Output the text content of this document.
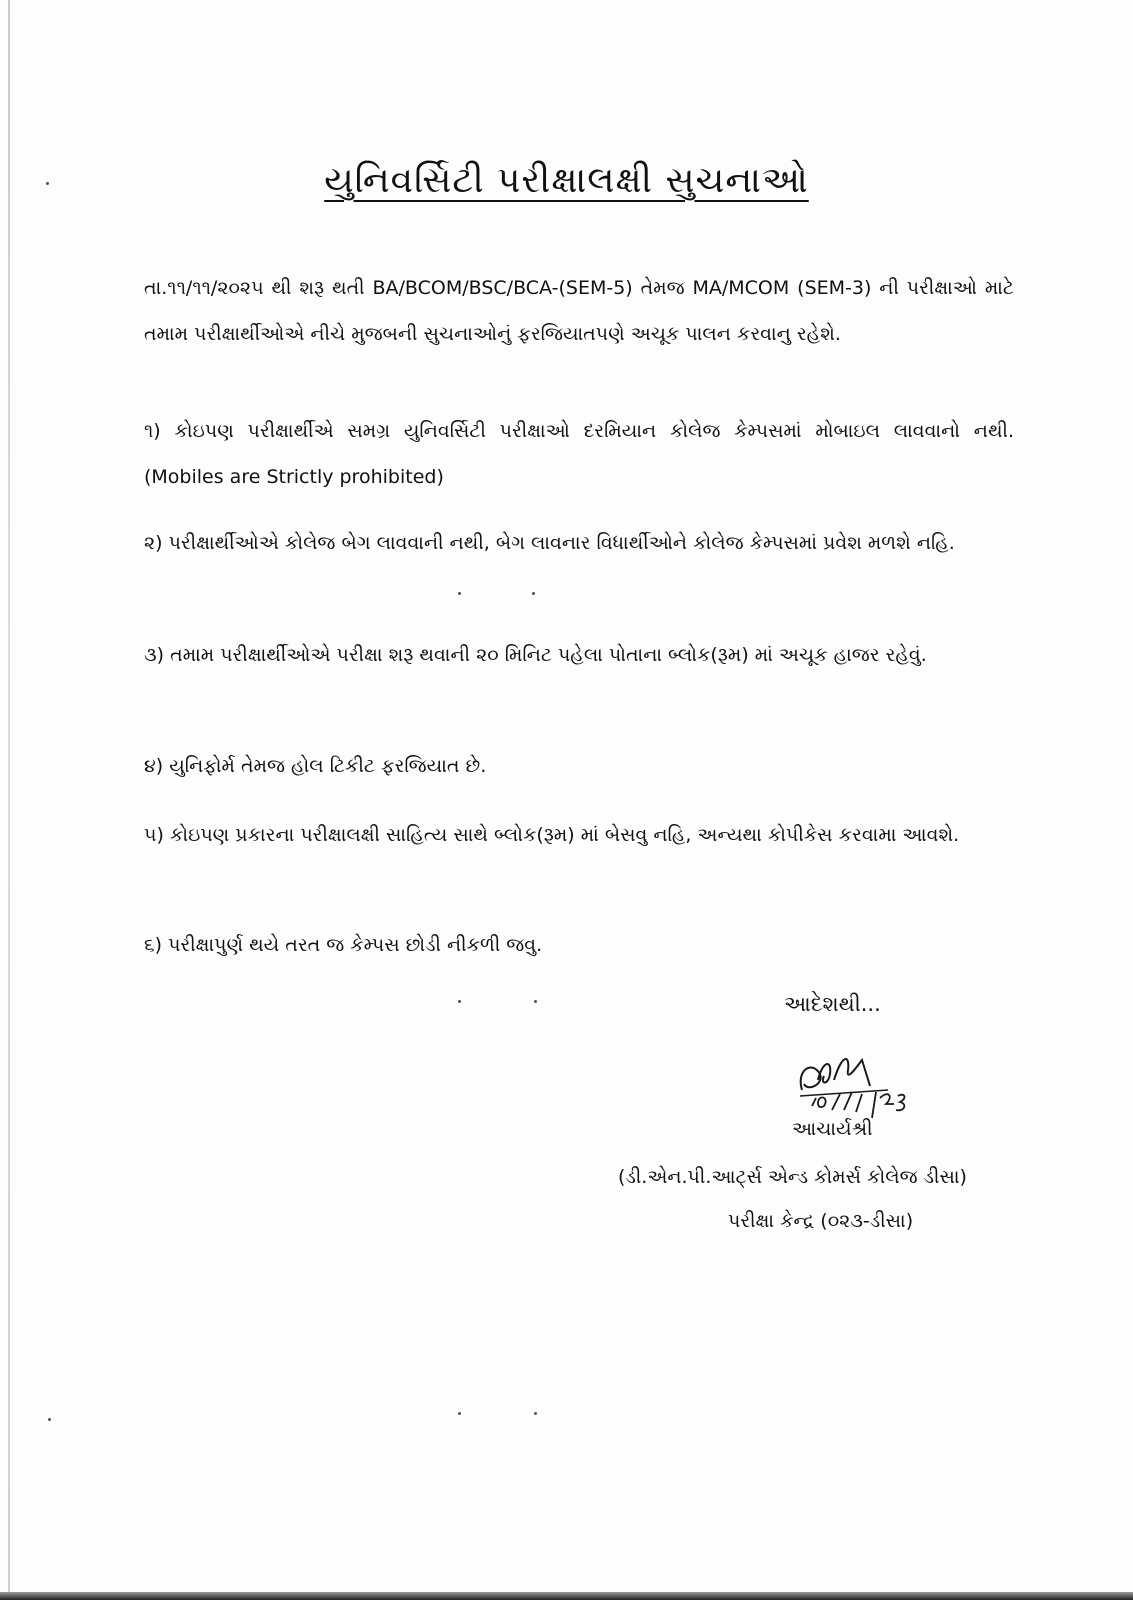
યુનિવર્સિટી પરીક્ષાલક્ષી સુચનાઓ

તા.૧૧/૧૧/૨૦૨૫ થી શરૂ થતી BA/BCOM/BSC/BCA-(SEM-5) તેમજ MA/MCOM (SEM-3) ની પરીક્ષાઓ માટે તમામ પરીક્ષાર્થીઓએ નીચે મુજબની સુચનાઓનું ફરજિયાતપણે અચૂક પાલન કરવાનુ રહેશે.

૧) કોઇપણ પરીક્ષાર્થીએ સમગ્ર યુનિવર્સિટી પરીક્ષાઓ દરમિયાન કોલેજ કેમ્પસમાં મોબાઇલ લાવવાનો નથી. (Mobiles are Strictly prohibited)

૨) પરીક્ષાર્થીઓએ કોલેજ બેગ લાવવાની નથી, બેગ લાવનાર વિધાર્થીઓને કોલેજ કેમ્પસમાં પ્રવેશ મળશે નહિ.

૩) તમામ પરીક્ષાર્થીઓએ પરીક્ષા શરૂ થવાની ૨૦ મિનિટ પહેલા પોતાના બ્લોક(રૂમ) માં અચૂક હાજર રહેવું.

૪) યુનિફોર્મ તેમજ હોલ ટિકીટ ફરજિયાત છે.

૫) કોઇપણ પ્રકારના પરીક્ષાલક્ષી સાહિત્ય સાથે બ્લોક(રૂમ) માં બેસવુ નહિ, અન્યથા કોપીકેસ કરવામા આવશે.

૬) પરીક્ષાપુર્ણ થયે તરત જ કેમ્પસ છોડી નીકળી જવુ.

આદેશથી...
આચાર્યશ્રી
(ડી.એન.પી.આર્ટ્સ એન્ડ કોમર્સ કોલેજ ડીસા)
પરીક્ષા કેન્દ્ર (૦૨૩-ડીસા)
